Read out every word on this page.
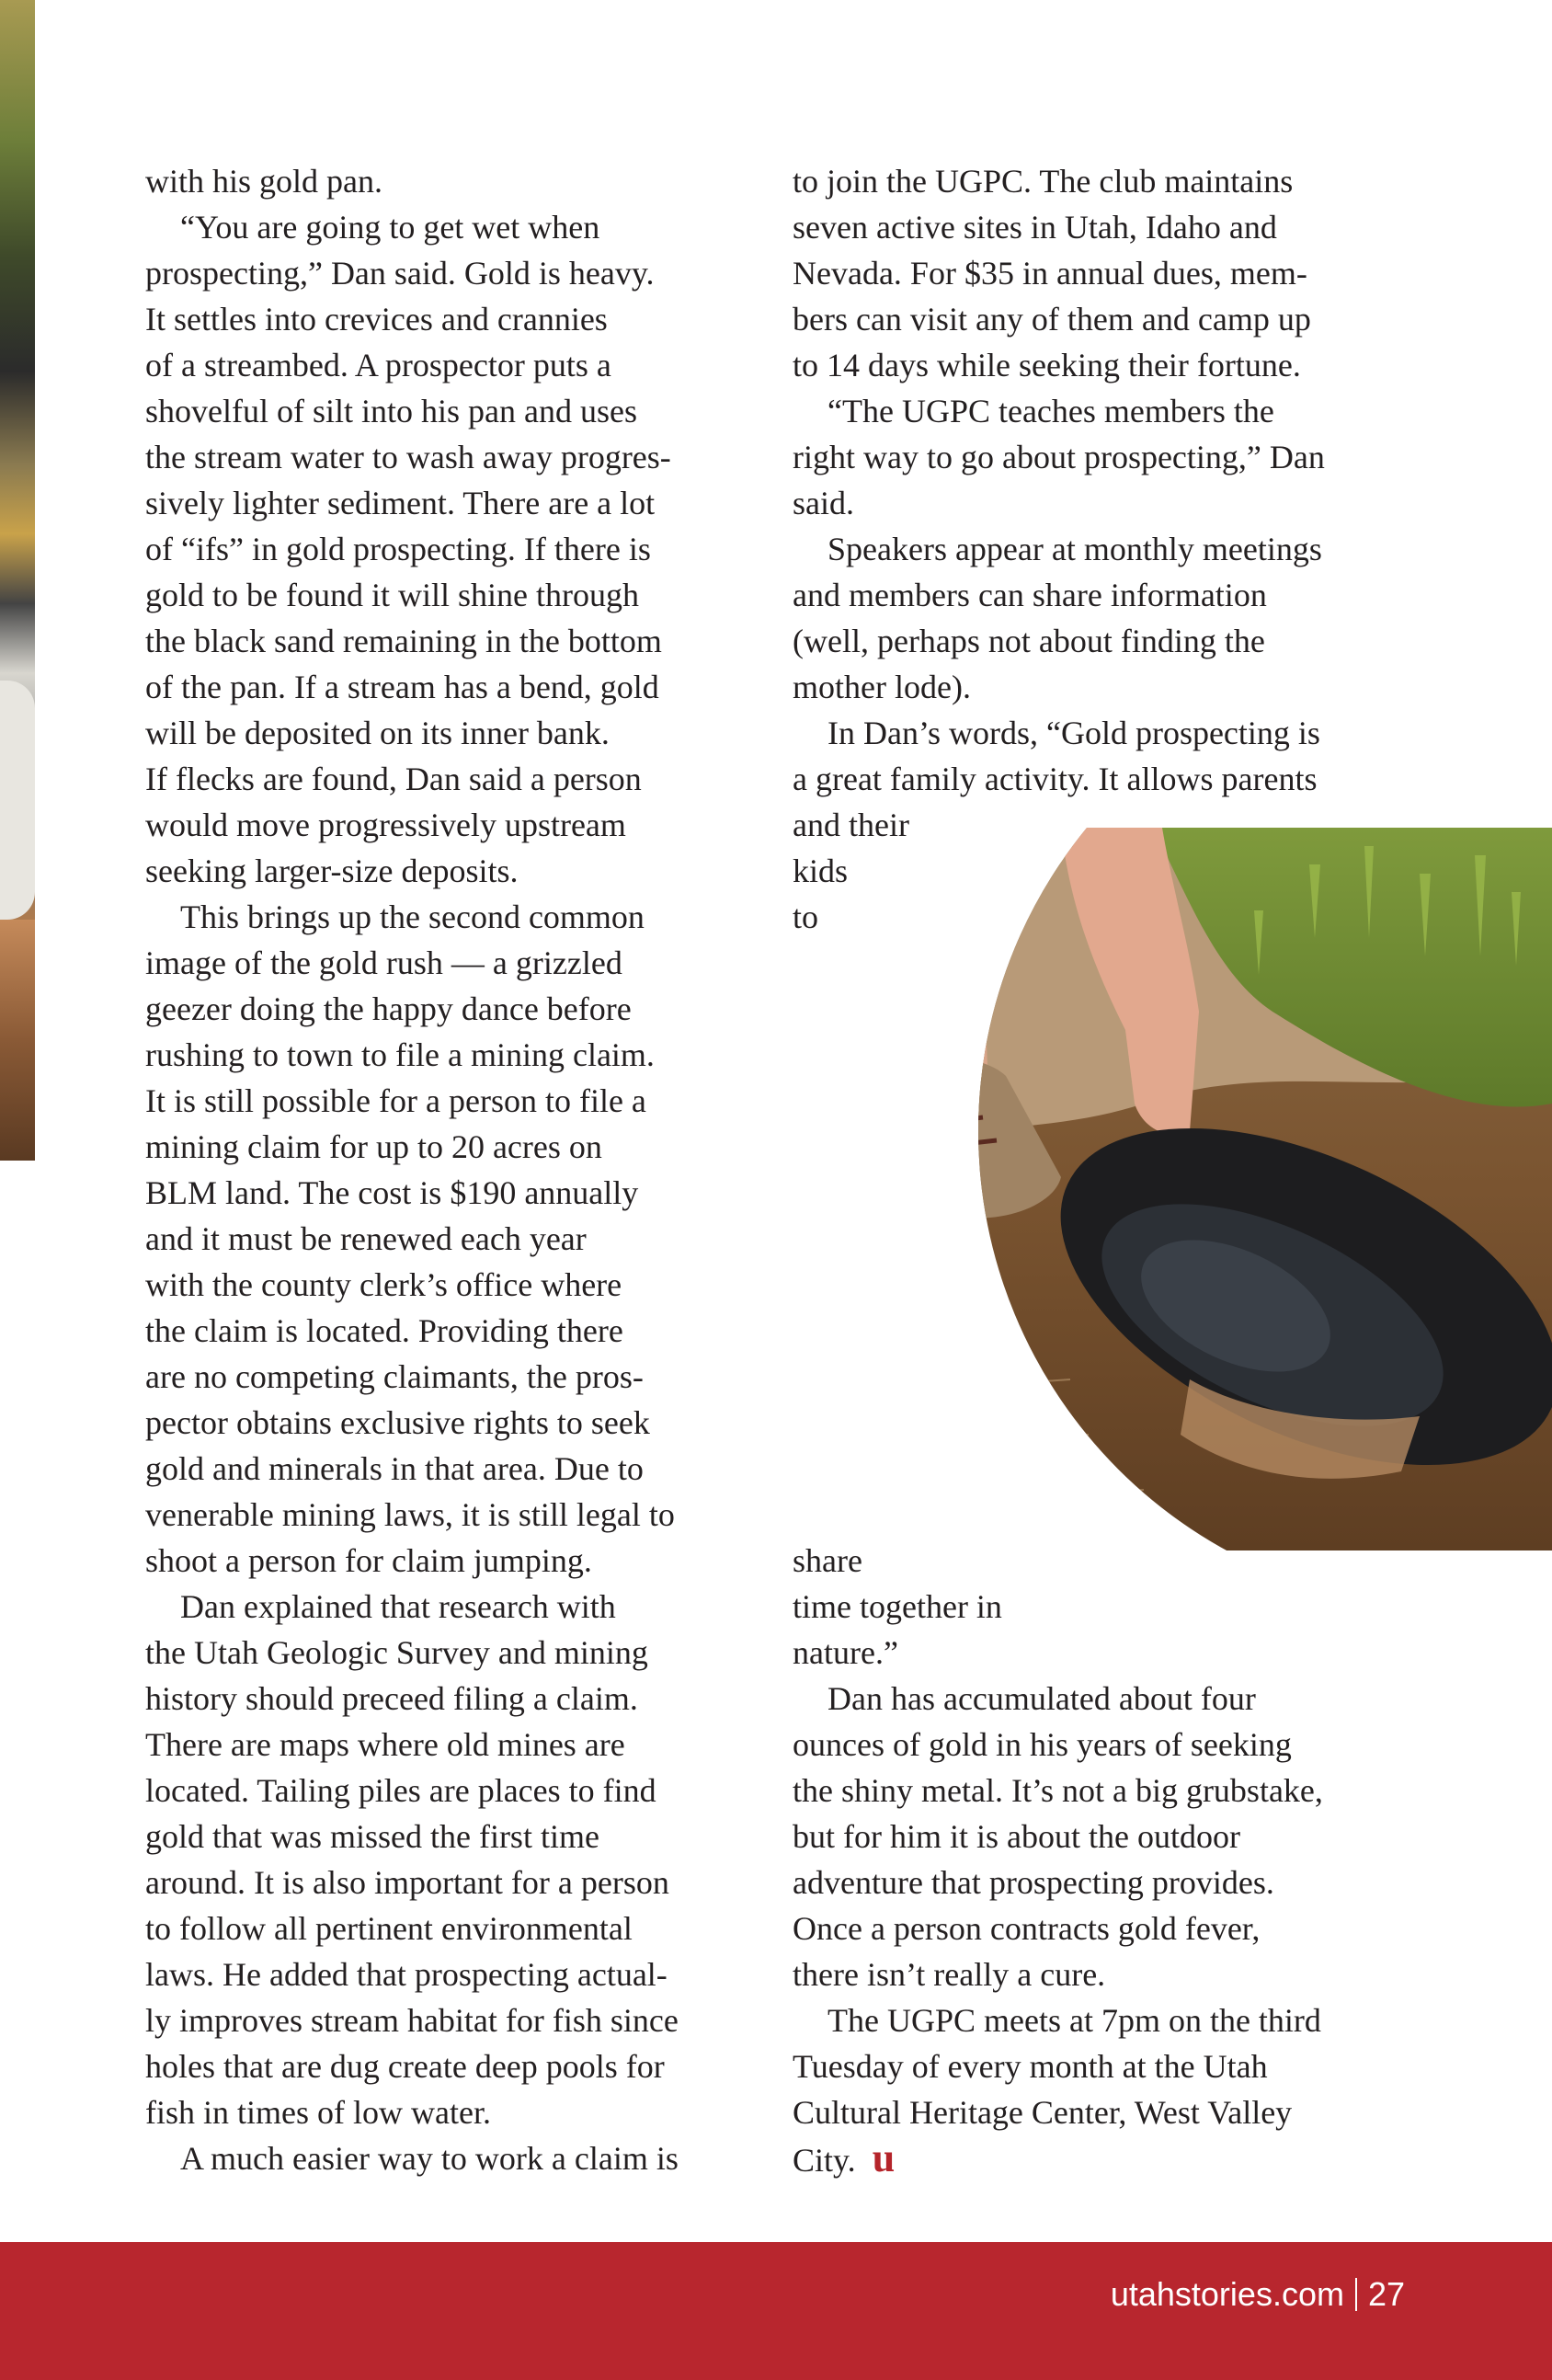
with his gold pan.
“You are going to get wet when
prospecting,” Dan said. Gold is heavy.
It settles into crevices and crannies
of a streambed. A prospector puts a
shovelful of silt into his pan and uses
the stream water to wash away progres-
sively lighter sediment. There are a lot
of “ifs” in gold prospecting. If there is
gold to be found it will shine through
the black sand remaining in the bottom
of the pan. If a stream has a bend, gold
will be deposited on its inner bank.
If flecks are found, Dan said a person
would move progressively upstream
seeking larger-size deposits.
This brings up the second common
image of the gold rush — a grizzled
geezer doing the happy dance before
rushing to town to file a mining claim.
It is still possible for a person to file a
mining claim for up to 20 acres on
BLM land. The cost is $190 annually
and it must be renewed each year
with the county clerk’s office where
the claim is located. Providing there
are no competing claimants, the pros-
pector obtains exclusive rights to seek
gold and minerals in that area. Due to
venerable mining laws, it is still legal to
shoot a person for claim jumping.
Dan explained that research with
the Utah Geologic Survey and mining
history should preceed filing a claim.
There are maps where old mines are
located. Tailing piles are places to find
gold that was missed the first time
around. It is also important for a person
to follow all pertinent environmental
laws. He added that prospecting actual-
ly improves stream habitat for fish since
holes that are dug create deep pools for
fish in times of low water.
A much easier way to work a claim is
to join the UGPC. The club maintains
seven active sites in Utah, Idaho and
Nevada. For $35 in annual dues, mem-
bers can visit any of them and camp up
to 14 days while seeking their fortune.
“The UGPC teaches members the
right way to go about prospecting,” Dan
said.
Speakers appear at monthly meetings
and members can share information
(well, perhaps not about finding the
mother lode).
In Dan’s words, “Gold prospecting is
a great family activity. It allows parents
and their
kids
to
share
time together in
nature.”
Dan has accumulated about four
ounces of gold in his years of seeking
the shiny metal. It’s not a big grubstake,
but for him it is about the outdoor
adventure that prospecting provides.
Once a person contracts gold fever,
there isn’t really a cure.
The UGPC meets at 7pm on the third
Tuesday of every month at the Utah
Cultural Heritage Center, West Valley
City. u
utahstories.com 27
